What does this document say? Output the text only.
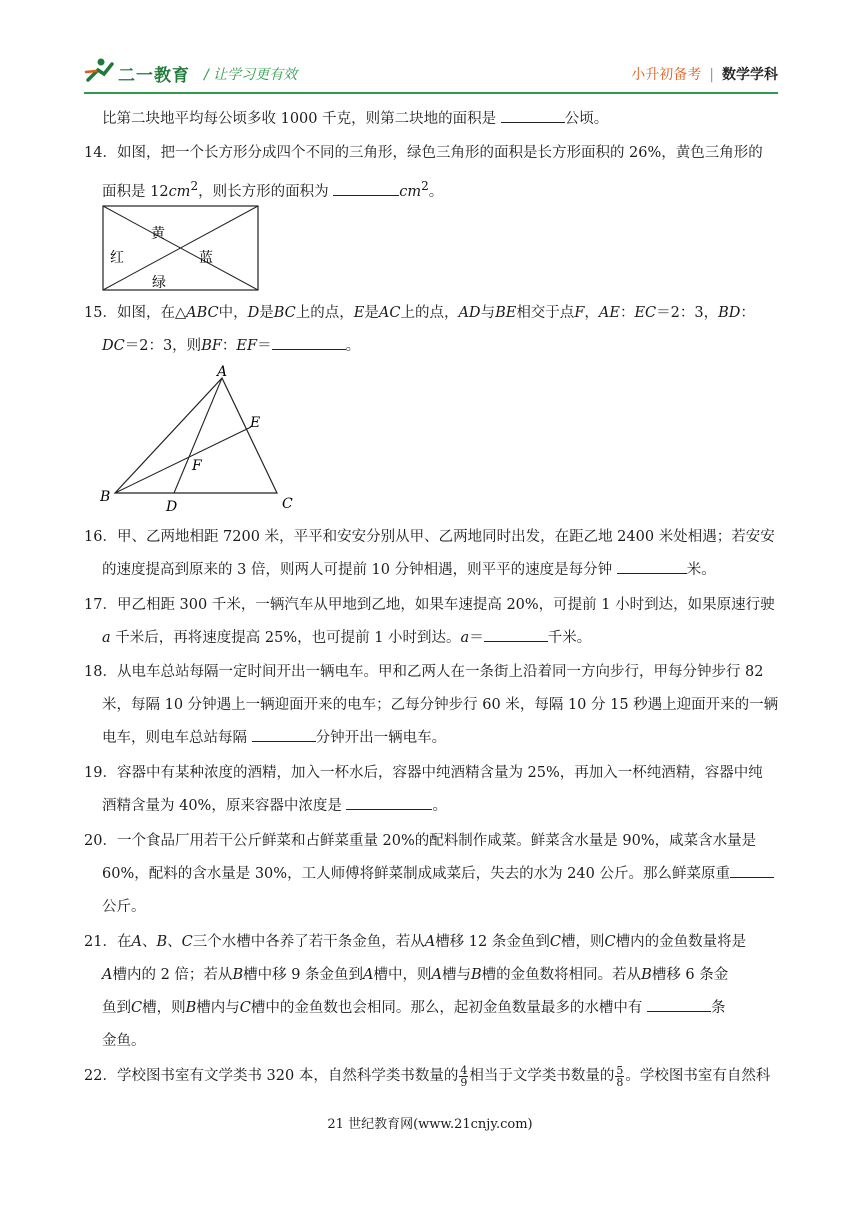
二一教育 / 让学习更有效	小升初备考 | 数学学科

比第二块地平均每公顷多收 1000 千克，则第二块地的面积是	公顷。

14．如图，把一个长方形分成四个不同的三角形，绿色三角形的面积是长方形面积的 26%，黄色三角形的

面积是 $12cm^2$，则长方形的面积为	$cm^2$。

黄
红	蓝
绿

15．如图，在△ABC中，D是BC上的点，E是AC上的点，AD与BE相交于点F，AE：EC＝2：3，BD：

DC＝2：3，则BF：EF＝	。

A
B	C
D
E
F

16．甲、乙两地相距 7200 米，平平和安安分别从甲、乙两地同时出发，在距乙地 2400 米处相遇；若安安

的速度提高到原来的 3 倍，则两人可提前 10 分钟相遇，则平平的速度是每分钟	米。

17．甲乙相距 300 千米，一辆汽车从甲地到乙地，如果车速提高 20%，可提前 1 小时到达，如果原速行驶

a 千米后，再将速度提高 25%，也可提前 1 小时到达。a＝	千米。

18．从电车总站每隔一定时间开出一辆电车。甲和乙两人在一条街上沿着同一方向步行，甲每分钟步行 82

米，每隔 10 分钟遇上一辆迎面开来的电车；乙每分钟步行 60 米，每隔 10 分 15 秒遇上迎面开来的一辆

电车，则电车总站每隔	分钟开出一辆电车。

19．容器中有某种浓度的酒精，加入一杯水后，容器中纯酒精含量为 25%，再加入一杯纯酒精，容器中纯

酒精含量为 40%，原来容器中浓度是	。

20．一个食品厂用若干公斤鲜菜和占鲜菜重量 20%的配料制作咸菜。鲜菜含水量是 90%，咸菜含水量是

60%，配料的含水量是 30%，工人师傅将鲜菜制成咸菜后，失去的水为 240 公斤。那么鲜菜原重

公斤。

21．在A、B、C三个水槽中各养了若干条金鱼，若从A槽移 12 条金鱼到C槽，则C槽内的金鱼数量将是

A槽内的 2 倍；若从B槽中移 9 条金鱼到A槽中，则A槽与B槽的金鱼数将相同。若从B槽移 6 条金

鱼到C槽，则B槽内与C槽中的金鱼数也会相同。那么，起初金鱼数量最多的水槽中有	条

金鱼。

22．学校图书室有文学类书 320 本，自然科学类书数量的 $\frac{4}{9}$ 相当于文学类书数量的 $\frac{5}{8}$ 。学校图书室有自然科

21 世纪教育网(www.21cnjy.com)
